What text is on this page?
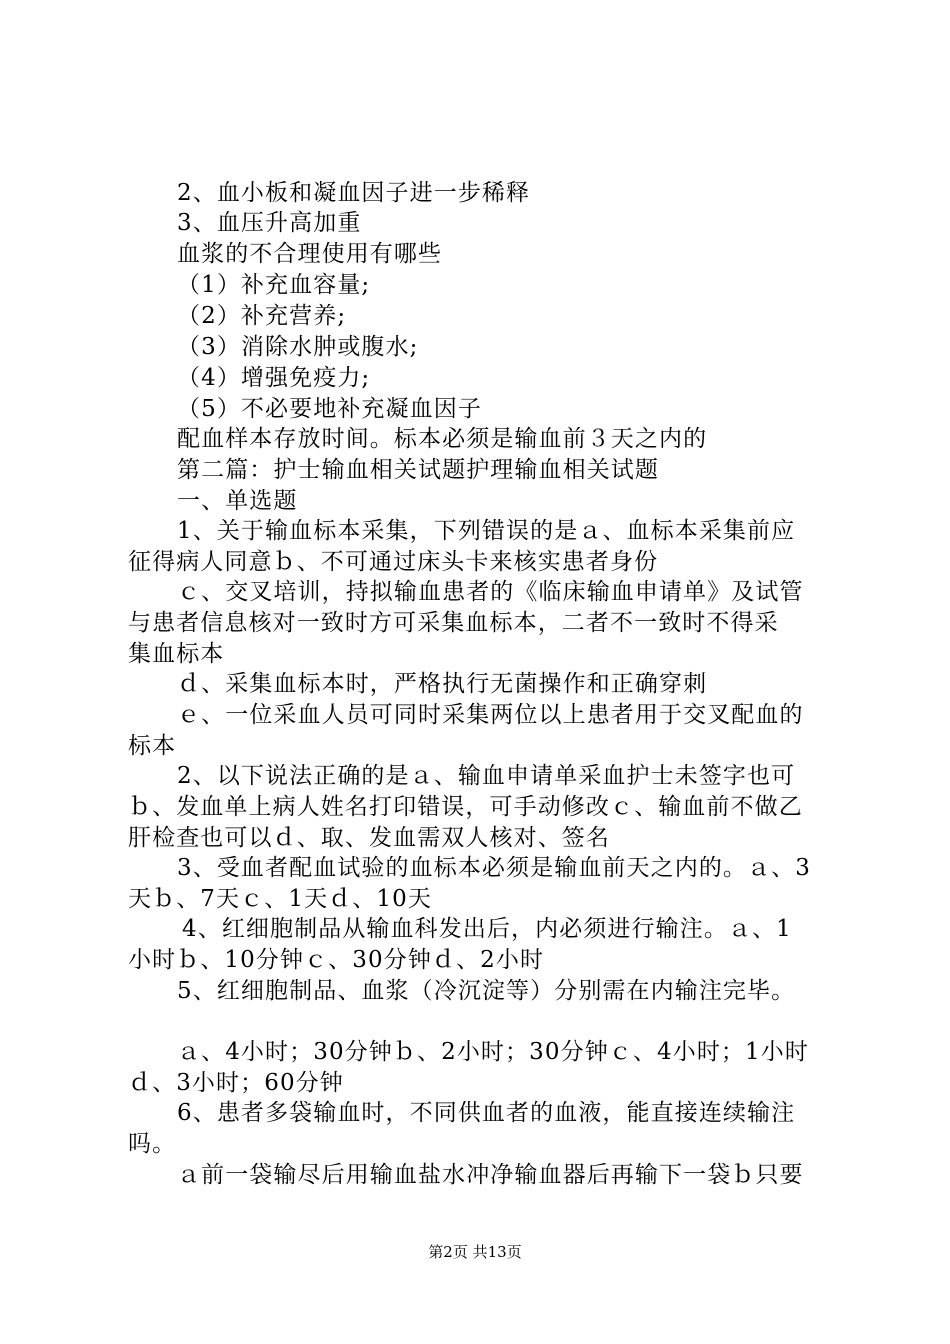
2、血小板和凝血因子进一步稀释
3、血压升高加重
血浆的不合理使用有哪些
（1）补充血容量;
（2）补充营养;
（3）消除水肿或腹水;
（4）增强免疫力;
（5）不必要地补充凝血因子
配血样本存放时间。标本必须是输血前３天之内的
第二篇：护士输血相关试题护理输血相关试题
一、单选题
1、关于输血标本采集，下列错误的是ａ、血标本采集前应
征得病人同意ｂ、不可通过床头卡来核实患者身份
ｃ、交叉培训，持拟输血患者的《临床输血申请单》及试管
与患者信息核对一致时方可采集血标本，二者不一致时不得采
集血标本
ｄ、采集血标本时，严格执行无菌操作和正确穿刺
ｅ、一位采血人员可同时采集两位以上患者用于交叉配血的
标本
2、以下说法正确的是ａ、输血申请单采血护士未签字也可
ｂ、发血单上病人姓名打印错误，可手动修改ｃ、输血前不做乙
肝检查也可以ｄ、取、发血需双人核对、签名
3、受血者配血试验的血标本必须是输血前天之内的。ａ、3
天ｂ、7天ｃ、1天ｄ、10天
4、红细胞制品从输血科发出后，内必须进行输注。ａ、1
小时ｂ、10分钟ｃ、30分钟ｄ、2小时
5、红细胞制品、血浆（冷沉淀等）分别需在内输注完毕。
ａ、4小时；30分钟ｂ、2小时；30分钟ｃ、4小时；1小时
ｄ、3小时；60分钟
6、患者多袋输血时，不同供血者的血液，能直接连续输注
吗。
ａ前一袋输尽后用输血盐水冲净输血器后再输下一袋ｂ只要
第2页 共13页
